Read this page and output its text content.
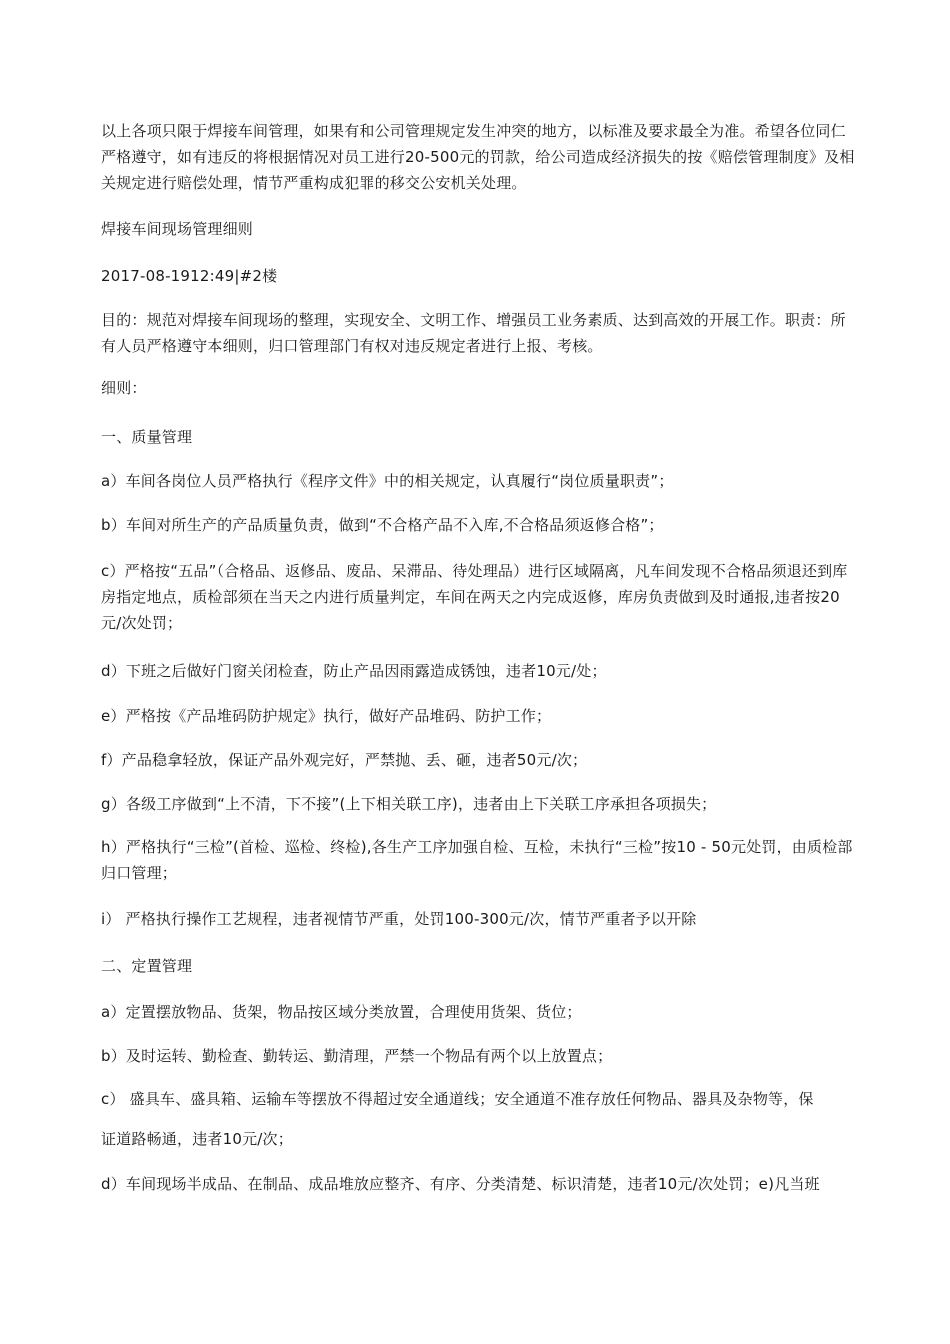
以上各项只限于焊接车间管理，如果有和公司管理规定发生冲突的地方，以标准及要求最全为准。希望各位同仁严格遵守，如有违反的将根据情况对员工进行20-500元的罚款，给公司造成经济损失的按《赔偿管理制度》及相关规定进行赔偿处理，情节严重构成犯罪的移交公安机关处理。

焊接车间现场管理细则

2017-08-1912:49|#2楼

目的：规范对焊接车间现场的整理，实现安全、文明工作、增强员工业务素质、达到高效的开展工作。职责：所有人员严格遵守本细则，归口管理部门有权对违反规定者进行上报、考核。

细则：

一、质量管理

a）车间各岗位人员严格执行《程序文件》中的相关规定，认真履行“岗位质量职责”；

b）车间对所生产的产品质量负责，做到“不合格产品不入库,不合格品须返修合格”；

c）严格按“五品”（合格品、返修品、废品、呆滞品、待处理品）进行区域隔离，凡车间发现不合格品须退还到库房指定地点，质检部须在当天之内进行质量判定，车间在两天之内完成返修，库房负责做到及时通报,违者按20元/次处罚；

d）下班之后做好门窗关闭检查，防止产品因雨露造成锈蚀，违者10元/处；

e）严格按《产品堆码防护规定》执行，做好产品堆码、防护工作；

f）产品稳拿轻放，保证产品外观完好，严禁抛、丢、砸，违者50元/次；

g）各级工序做到“上不清，下不接”(上下相关联工序)，违者由上下关联工序承担各项损失；

h）严格执行“三检”(首检、巡检、终检),各生产工序加强自检、互检，未执行“三检”按10 - 50元处罚，由质检部归口管理；

i） 严格执行操作工艺规程，违者视情节严重，处罚100-300元/次，情节严重者予以开除

二、定置管理

a）定置摆放物品、货架，物品按区域分类放置，合理使用货架、货位；

b）及时运转、勤检查、勤转运、勤清理，严禁一个物品有两个以上放置点；

c） 盛具车、盛具箱、运输车等摆放不得超过安全通道线；安全通道不准存放任何物品、器具及杂物等，保

证道路畅通，违者10元/次；

d）车间现场半成品、在制品、成品堆放应整齐、有序、分类清楚、标识清楚，违者10元/次处罚；e)凡当班
